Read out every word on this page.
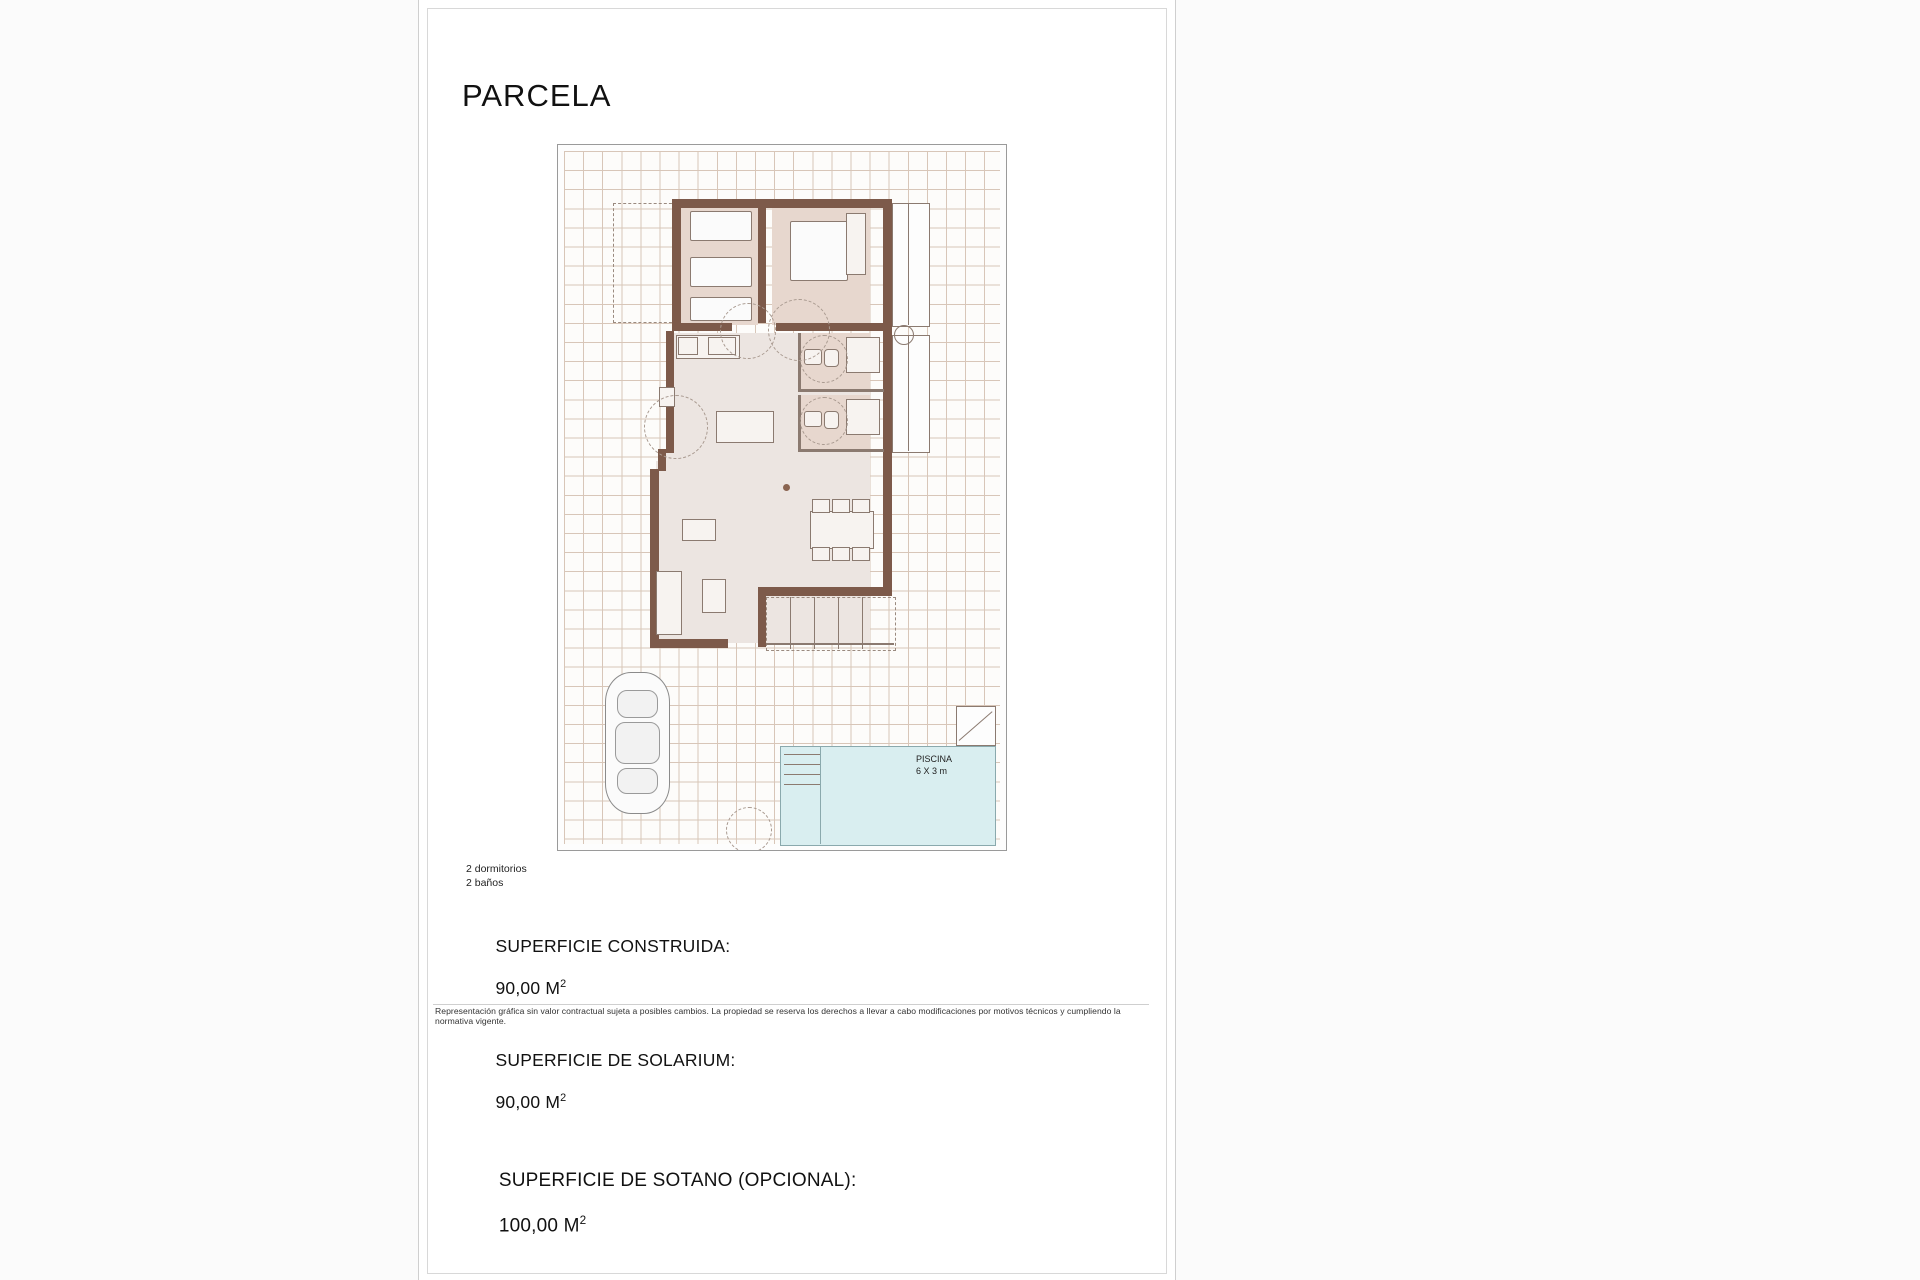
PARCELA
PISCINA
6 X 3 m
2 dormitorios
2 baños

SUPERFICIE CONSTRUIDA:

90,00 $M^2$

SUPERFICIE DE SOLARIUM:

90,00 $M^2$

SUPERFICIE DE SOTANO (OPCIONAL):

100,00 $M^2$

Representación gráfica sin valor contractual sujeta a posibles cambios. La propiedad se reserva los derechos a llevar a cabo modificaciones por motivos técnicos y cumpliendo la normativa vigente.
